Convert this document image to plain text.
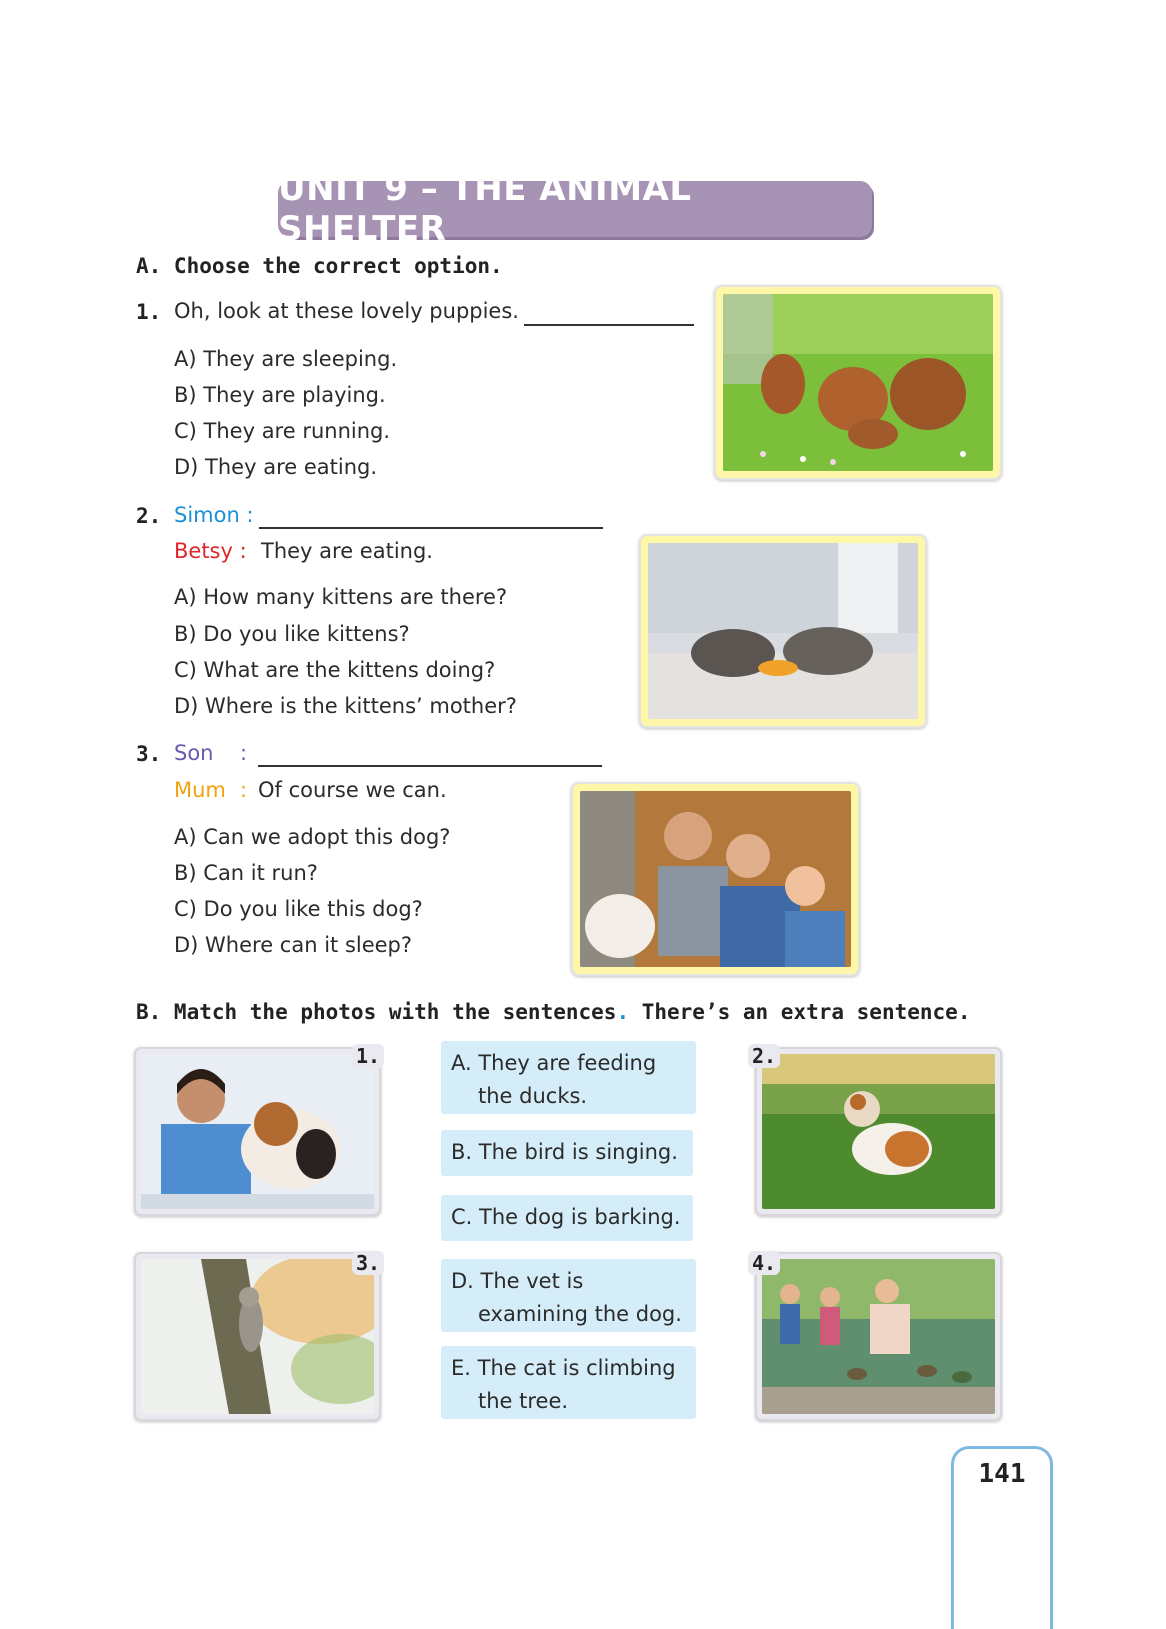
UNIT 9 – THE ANIMAL SHELTER
A. Choose the correct option.
1. Oh, look at these lovely puppies.
A) They are sleeping.
B) They are playing.
C) They are running.
D) They are eating.
2. Simon :
Betsy : They are eating.
A) How many kittens are there?
B) Do you like kittens?
C) What are the kittens doing?
D) Where is the kittens’ mother?
3. Son :
Mum : Of course we can.
A) Can we adopt this dog?
B) Can it run?
C) Do you like this dog?
D) Where can it sleep?
B. Match the photos with the sentences. There’s an extra sentence.
1.	2.
3.	4.
A. They are feeding
the ducks.
B. The bird is singing.
C. The dog is barking.
D. The vet is
examining the dog.
E. The cat is climbing
the tree.
141
